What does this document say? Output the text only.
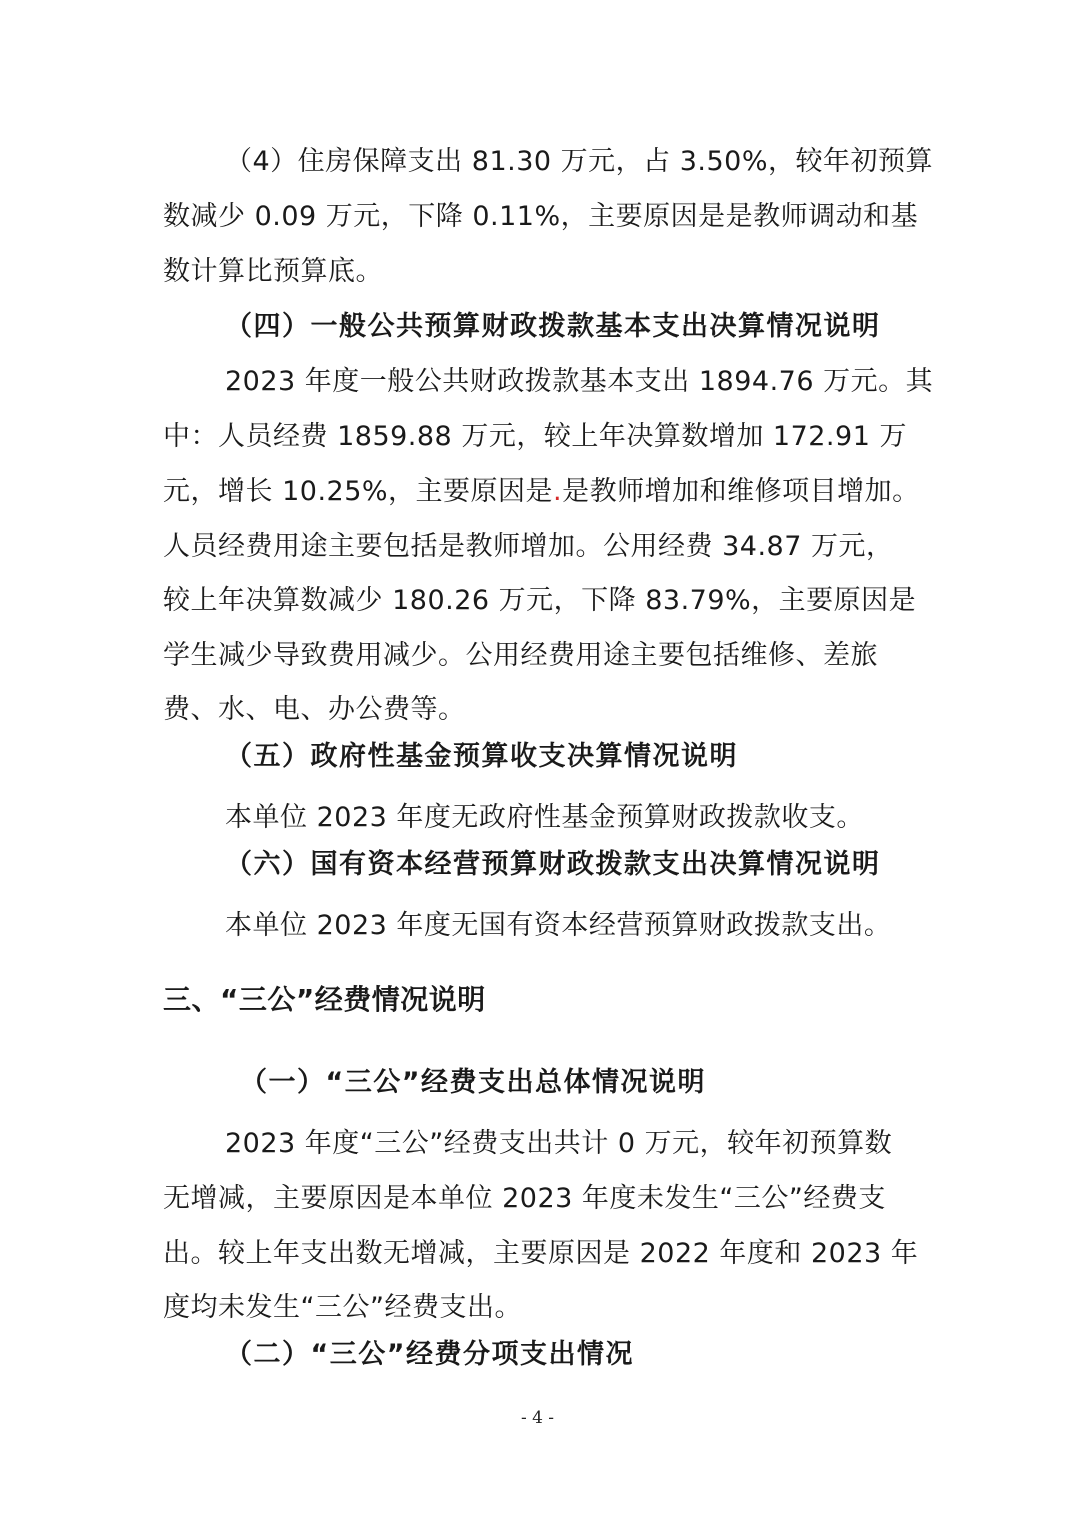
（4）住房保障支出 81.30 万元，占 3.50%，较年初预算
数减少 0.09 万元，下降 0.11%，主要原因是是教师调动和基
数计算比预算底。
（四）一般公共预算财政拨款基本支出决算情况说明
2023 年度一般公共财政拨款基本支出 1894.76 万元。其
中：人员经费 1859.88 万元，较上年决算数增加 172.91 万
元，增长 10.25%，主要原因是.是教师增加和维修项目增加。
人员经费用途主要包括是教师增加。公用经费 34.87 万元，
较上年决算数减少 180.26 万元，下降 83.79%，主要原因是
学生减少导致费用减少。公用经费用途主要包括维修、差旅
费、水、电、办公费等。
（五）政府性基金预算收支决算情况说明
本单位 2023 年度无政府性基金预算财政拨款收支。
（六）国有资本经营预算财政拨款支出决算情况说明
本单位 2023 年度无国有资本经营预算财政拨款支出。
三、“三公”经费情况说明
（一）“三公”经费支出总体情况说明
2023 年度“三公”经费支出共计 0 万元，较年初预算数
无增减，主要原因是本单位 2023 年度未发生“三公”经费支
出。较上年支出数无增减，主要原因是 2022 年度和 2023 年
度均未发生“三公”经费支出。
（二）“三公”经费分项支出情况
- 4 -
